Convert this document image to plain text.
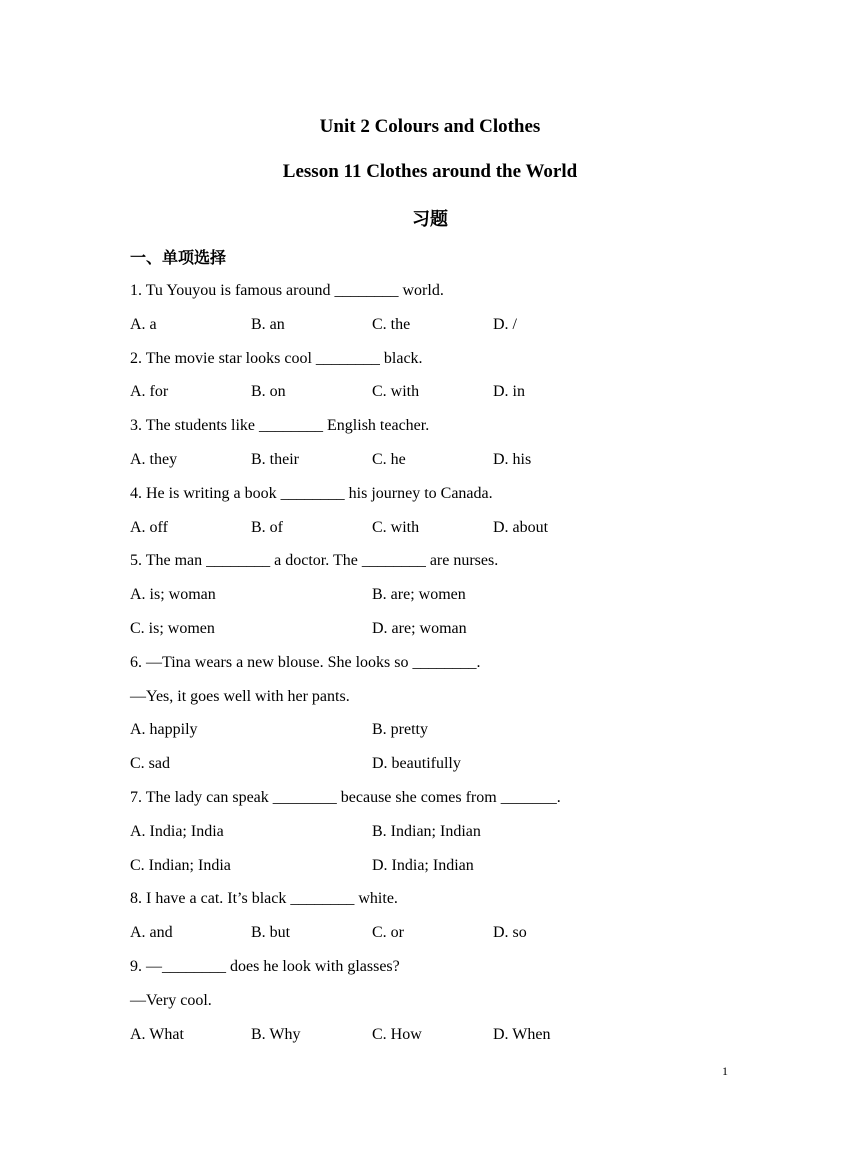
Unit 2 Colours and Clothes
Lesson 11 Clothes around the World
习题
一、单项选择
1. Tu Youyou is famous around ________ world.
A. a	B. an	C. the	D. /
2. The movie star looks cool ________ black.
A. for	B. on	C. with	D. in
3. The students like ________ English teacher.
A. they	B. their	C. he	D. his
4. He is writing a book ________ his journey to Canada.
A. off	B. of	C. with	D. about
5. The man ________ a doctor. The ________ are nurses.
A. is; woman	B. are; women
C. is; women	D. are; woman
6. —Tina wears a new blouse. She looks so ________.
—Yes, it goes well with her pants.
A. happily	B. pretty
C. sad	D. beautifully
7. The lady can speak ________ because she comes from _______.
A. India; India	B. Indian; Indian
C. Indian; India	D. India; Indian
8. I have a cat. It’s black ________ white.
A. and	B. but	C. or	D. so
9. —________ does he look with glasses?
—Very cool.
A. What	B. Why	C. How	D. When
1
